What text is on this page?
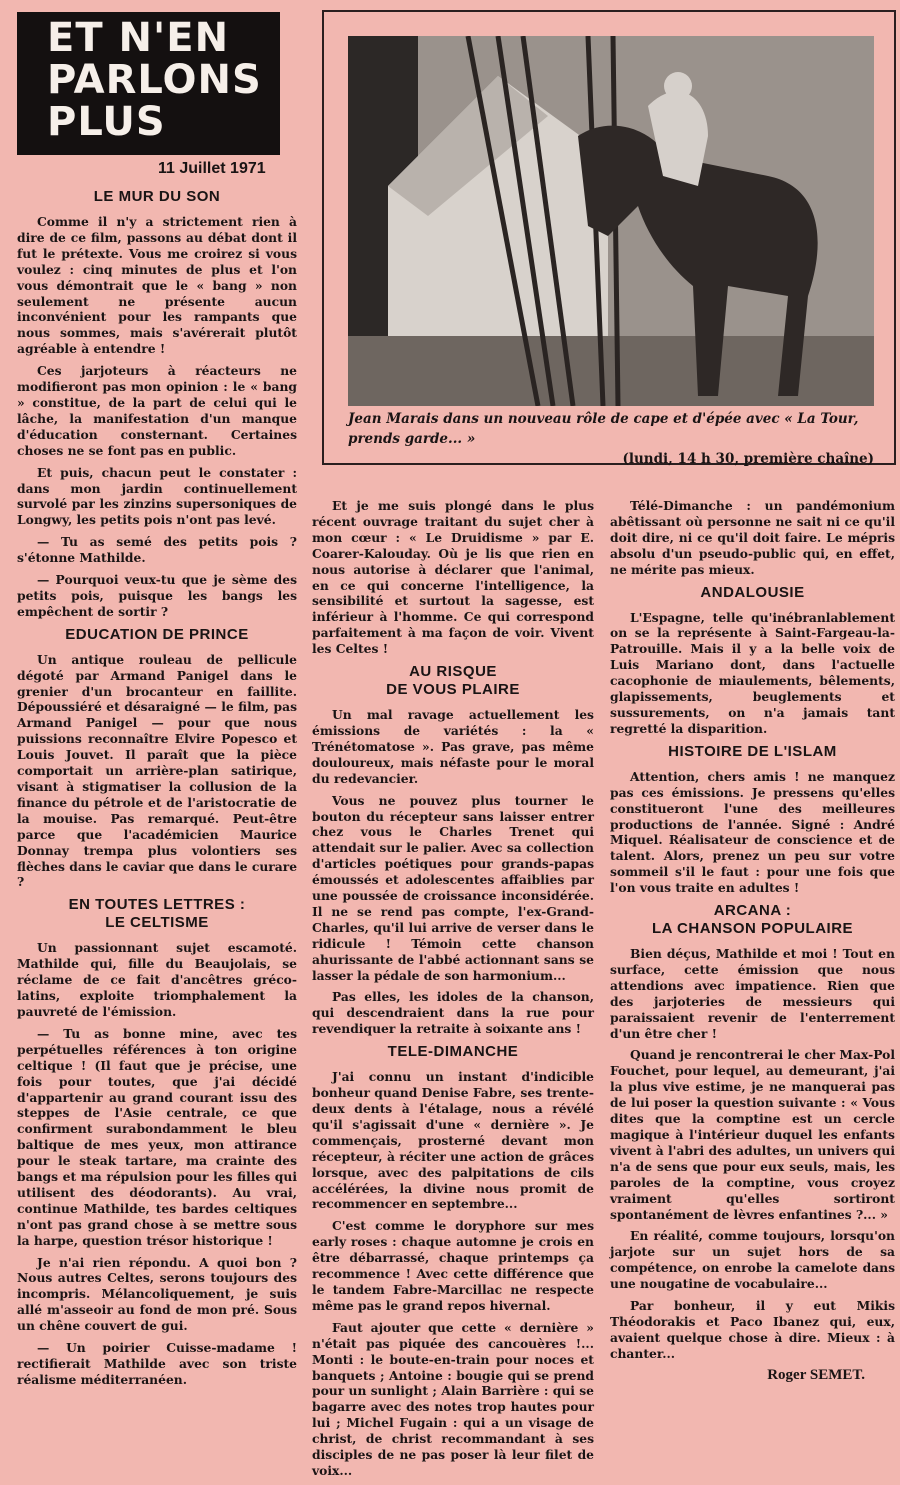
ET N'EN
PARLONS
PLUS
11 Juillet 1971
Jean Marais dans un nouveau rôle de cape et d'épée avec « La Tour, prends garde... »
(lundi, 14 h 30, première chaîne)
LE MUR DU SON

Comme il n'y a strictement rien à dire de ce film, passons au débat dont il fut le prétexte. Vous me croirez si vous voulez : cinq minutes de plus et l'on vous démontrait que le « bang » non seulement ne présente aucun inconvénient pour les rampants que nous sommes, mais s'avérerait plutôt agréable à entendre !

Ces jarjoteurs à réacteurs ne modifieront pas mon opinion : le « bang » constitue, de la part de celui qui le lâche, la manifestation d'un manque d'éducation consternant. Certaines choses ne se font pas en public.

Et puis, chacun peut le constater : dans mon jardin continuellement survolé par les zinzins supersoniques de Longwy, les petits pois n'ont pas levé.

— Tu as semé des petits pois ? s'étonne Mathilde.

— Pourquoi veux-tu que je sème des petits pois, puisque les bangs les empêchent de sortir ?

EDUCATION DE PRINCE

Un antique rouleau de pellicule dégoté par Armand Panigel dans le grenier d'un brocanteur en faillite. Dépoussiéré et désaraigné — le film, pas Armand Panigel — pour que nous puissions reconnaître Elvire Popesco et Louis Jouvet. Il paraît que la pièce comportait un arrière-plan satirique, visant à stigmatiser la collusion de la finance du pétrole et de l'aristocratie de la mouise. Pas remarqué. Peut-être parce que l'académicien Maurice Donnay trempa plus volontiers ses flèches dans le caviar que dans le curare ?

EN TOUTES LETTRES :
LE CELTISME

Un passionnant sujet escamoté. Mathilde qui, fille du Beaujolais, se réclame de ce fait d'ancêtres gréco-latins, exploite triomphalement la pauvreté de l'émission.

— Tu as bonne mine, avec tes perpétuelles références à ton origine celtique ! (Il faut que je précise, une fois pour toutes, que j'ai décidé d'appartenir au grand courant issu des steppes de l'Asie centrale, ce que confirment surabondamment le bleu baltique de mes yeux, mon attirance pour le steak tartare, ma crainte des bangs et ma répulsion pour les filles qui utilisent des déodorants). Au vrai, continue Mathilde, tes bardes celtiques n'ont pas grand chose à se mettre sous la harpe, question trésor historique !

Je n'ai rien répondu. A quoi bon ? Nous autres Celtes, serons toujours des incompris. Mélancoliquement, je suis allé m'asseoir au fond de mon pré. Sous un chêne couvert de gui.

— Un poirier Cuisse-madame ! rectifierait Mathilde avec son triste réalisme méditerranéen.

Et je me suis plongé dans le plus récent ouvrage traitant du sujet cher à mon cœur : « Le Druidisme » par E. Coarer-Kalouday. Où je lis que rien en nous autorise à déclarer que l'animal, en ce qui concerne l'intelligence, la sensibilité et surtout la sagesse, est inférieur à l'homme. Ce qui correspond parfaitement à ma façon de voir. Vivent les Celtes !

AU RISQUE
DE VOUS PLAIRE

Un mal ravage actuellement les émissions de variétés : la « Trénétomatose ». Pas grave, pas même douloureux, mais néfaste pour le moral du redevancier.

Vous ne pouvez plus tourner le bouton du récepteur sans laisser entrer chez vous le Charles Trenet qui attendait sur le palier. Avec sa collection d'articles poétiques pour grands-papas émoussés et adolescentes affaiblies par une poussée de croissance inconsidérée. Il ne se rend pas compte, l'ex-Grand-Charles, qu'il lui arrive de verser dans le ridicule ! Témoin cette chanson ahurissante de l'abbé actionnant sans se lasser la pédale de son harmonium...

Pas elles, les idoles de la chanson, qui descendraient dans la rue pour revendiquer la retraite à soixante ans !

TELE-DIMANCHE

J'ai connu un instant d'indicible bonheur quand Denise Fabre, ses trente-deux dents à l'étalage, nous a révélé qu'il s'agissait d'une « dernière ». Je commençais, prosterné devant mon récepteur, à réciter une action de grâces lorsque, avec des palpitations de cils accélérées, la divine nous promit de recommencer en septembre...

C'est comme le doryphore sur mes early roses : chaque automne je crois en être débarrassé, chaque printemps ça recommence ! Avec cette différence que le tandem Fabre-Marcillac ne respecte même pas le grand repos hivernal.

Faut ajouter que cette « dernière » n'était pas piquée des cancouères !... Monti : le boute-en-train pour noces et banquets ; Antoine : bougie qui se prend pour un sunlight ; Alain Barrière : qui se bagarre avec des notes trop hautes pour lui ; Michel Fugain : qui a un visage de christ, de christ recommandant à ses disciples de ne pas poser là leur filet de voix...

Télé-Dimanche : un pandémonium abêtissant où personne ne sait ni ce qu'il doit dire, ni ce qu'il doit faire. Le mépris absolu d'un pseudo-public qui, en effet, ne mérite pas mieux.

ANDALOUSIE

L'Espagne, telle qu'inébranlablement on se la représente à Saint-Fargeau-la-Patrouille. Mais il y a la belle voix de Luis Mariano dont, dans l'actuelle cacophonie de miaulements, bêlements, glapissements, beuglements et sussurements, on n'a jamais tant regretté la disparition.

HISTOIRE DE L'ISLAM

Attention, chers amis ! ne manquez pas ces émissions. Je pressens qu'elles constitueront l'une des meilleures productions de l'année. Signé : André Miquel. Réalisateur de conscience et de talent. Alors, prenez un peu sur votre sommeil s'il le faut : pour une fois que l'on vous traite en adultes !

ARCANA :
LA CHANSON POPULAIRE

Bien déçus, Mathilde et moi ! Tout en surface, cette émission que nous attendions avec impatience. Rien que des jarjoteries de messieurs qui paraissaient revenir de l'enterrement d'un être cher !

Quand je rencontrerai le cher Max-Pol Fouchet, pour lequel, au demeurant, j'ai la plus vive estime, je ne manquerai pas de lui poser la question suivante : « Vous dites que la comptine est un cercle magique à l'intérieur duquel les enfants vivent à l'abri des adultes, un univers qui n'a de sens que pour eux seuls, mais, les paroles de la comptine, vous croyez vraiment qu'elles sortiront spontanément de lèvres enfantines ?... »

En réalité, comme toujours, lorsqu'on jarjote sur un sujet hors de sa compétence, on enrobe la camelote dans une nougatine de vocabulaire...

Par bonheur, il y eut Mikis Théodorakis et Paco Ibanez qui, eux, avaient quelque chose à dire. Mieux : à chanter...

Roger SEMET.
